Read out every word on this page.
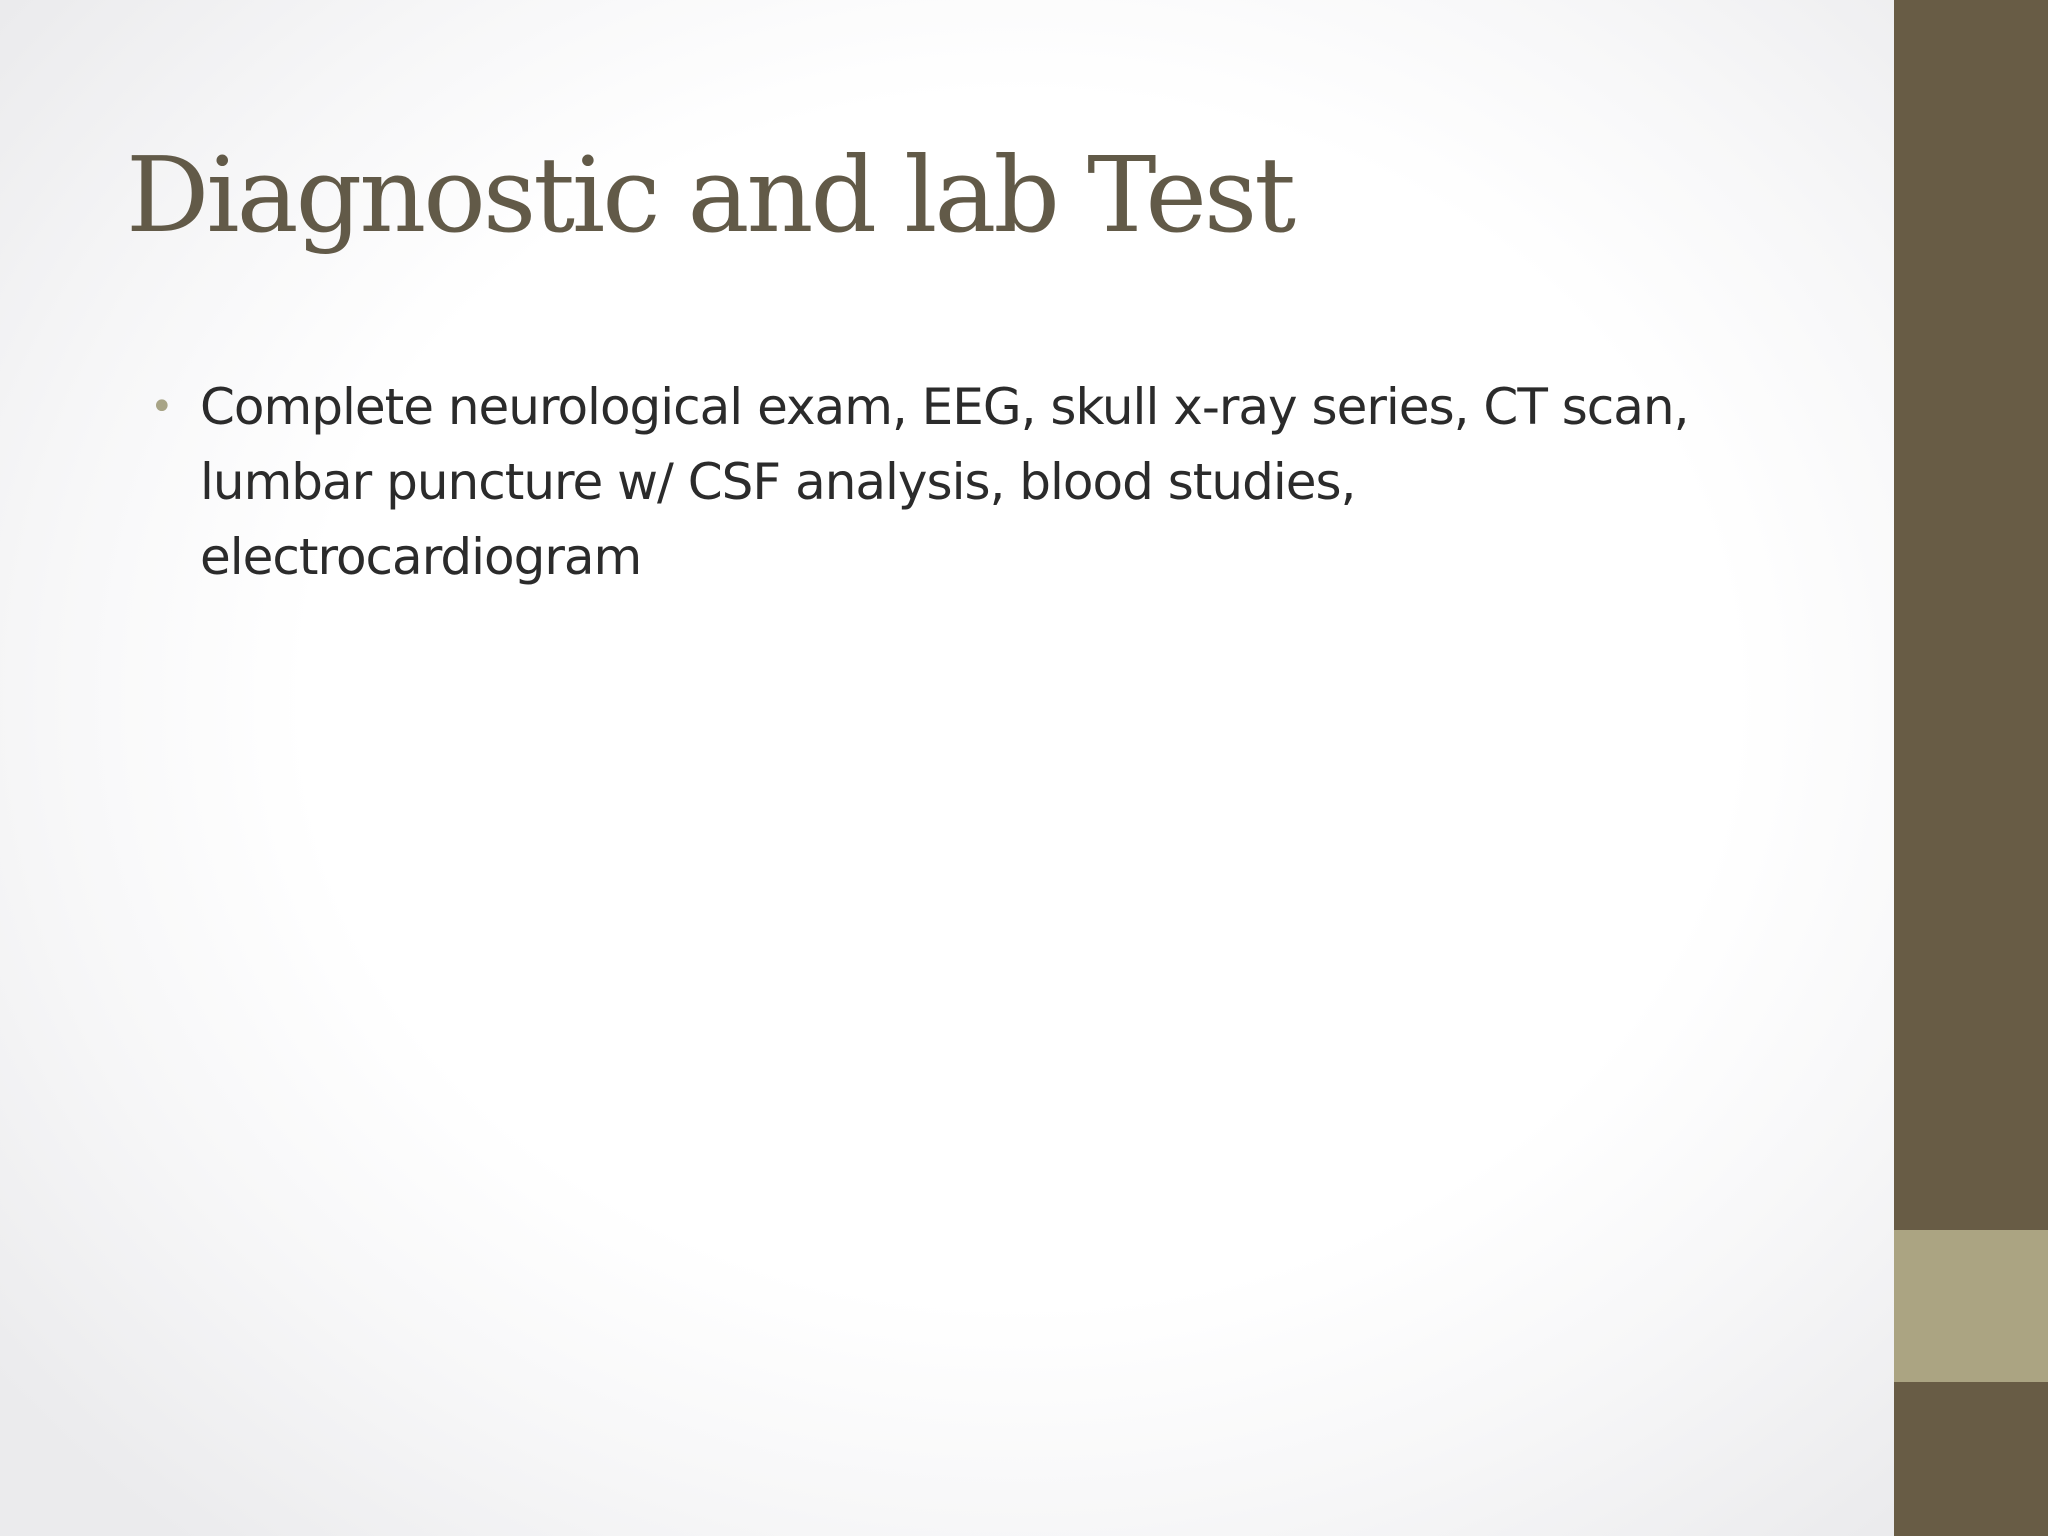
Diagnostic and lab Test
• Complete neurological exam, EEG, skull x-ray series, CT scan, lumbar puncture w/ CSF analysis, blood studies, electrocardiogram
